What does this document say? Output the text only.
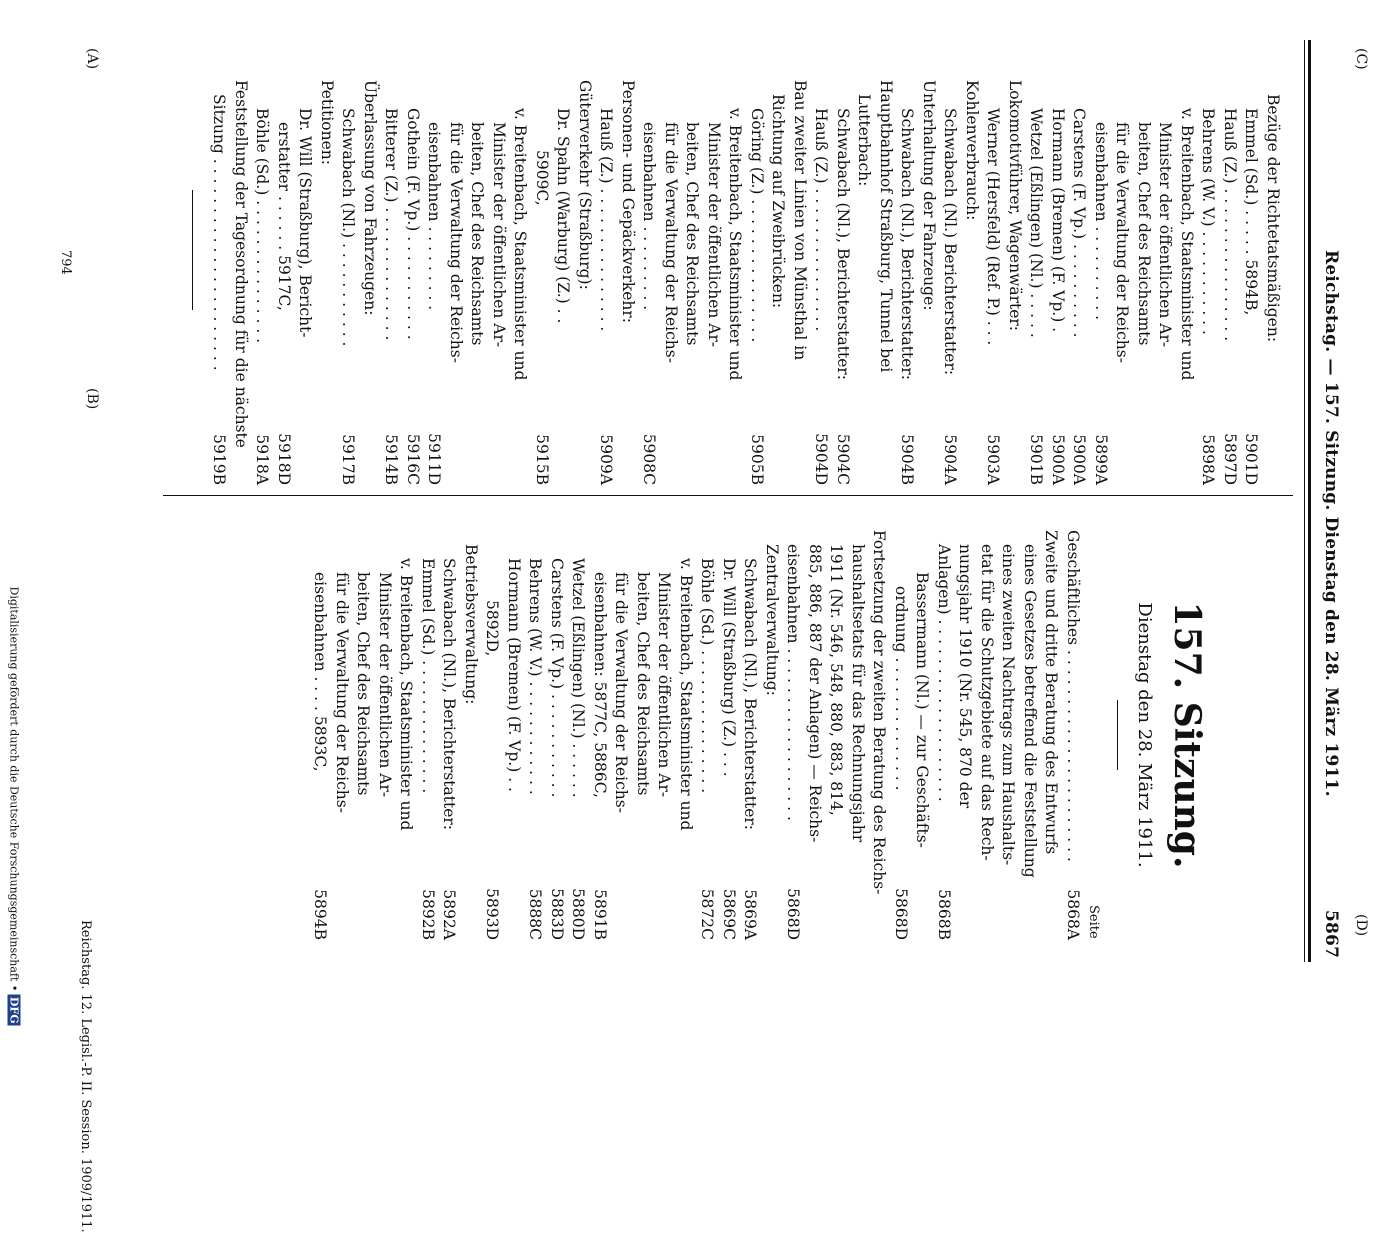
Reichstag. — 157. Sitzung. Dienstag den 28. März 1911.
5867
(A)
(B)
(C)
(D)
Reichstag. 12. Legisl.-P. II. Session. 1909/1911.
Bezüge der Richtetatsmäßigen:
Emmel (Sd.) . . . . . 5894B,
5901D
Hauß (Z.) . . . . . . . . . . . . . . . .
5897D
Behrens (W. V.) . . . . . . . . . . .
5898A
v. Breitenbach, Staatsminister und
Minister der öffentlichen Ar-
beiten, Chef des Reichsamts
für die Verwaltung der Reichs-
eisenbahnen . . . . . . . . . .
5899A
Carstens (F. Vp.) . . . . . . . . . .
5900A
Hormann (Bremen) (F. Vp.) .
5900A
Wetzel (Eßlingen) (Nl.) . . . . .
5901B
Lokomotivführer, Wagenwärter:
Werner (Hersfeld) (Ref. P.) . . .
5903A
Kohlenverbrauch:
Schwabach (Nl.) Berichterstatter:
5904A
Unterhaltung der Fahrzeuge:
Schwabach (Nl.), Berichterstatter:
5904B
Hauptbahnhof Straßburg, Tunnel bei
Lutterbach:
Schwabach (Nl.), Berichterstatter:
5904C
Hauß (Z.) . . . . . . . . . . . . . . .
5904D
Bau zweiter Linien von Münsthal in
Richtung auf Zweibrücken:
Göring (Z.) . . . . . . . . . . . . . . .
5905B
v. Breitenbach, Staatsminister und
Minister der öffentlichen Ar-
beiten, Chef des Reichsamts
für die Verwaltung der Reichs-
eisenbahnen . . . . . . . . .
5908C
Personen- und Gepäckverkehr:
Hauß (Z.) . . . . . . . . . . . . . . .
5909A
Güterverkehr (Straßburg):
Dr. Spahn (Warburg) (Z.) . .
5909C,
5915B
v. Breitenbach, Staatsminister und
Minister der öffentlichen Ar-
beiten, Chef des Reichsamts
für die Verwaltung der Reichs-
eisenbahnen . . . . . . . . .
5911D
Gothein (F. Vp.) . . . . . . . . . . .
5916C
Bitterer (Z.) . . . . . . . . . . . . . .
5914B
Überlassung von Fahrzeugen:
Schwabach (Nl.) . . . . . . . . . . .
5917B
Petitionen:
Dr. Will (Straßburg), Bericht-
erstatter . . . . . . 5917C,
5918D
Böhle (Sd.) . . . . . . . . . . . . . . .
5918A
Feststellung der Tagesordnung für die nächste
Sitzung . . . . . . . . . . . . . . . . . . . . . .
5919B
Geschäftliches . . . . . . . . . . . . . . . . . . . . . .
5868A
Zweite und dritte Beratung des Entwurfs
eines Gesetzes betreffend die Feststellung
eines zweiten Nachtrags zum Haushalts-
etat für die Schutzgebiete auf das Rech-
nungsjahr 1910 (Nr. 545, 870 der
Anlagen) . . . . . . . . . . . . . . . . . . .
5868B
Bassermann (Nl.) — zur Geschäfts-
ordnung . . . . . . . . . . . . . .
5868D
Fortsetzung der zweiten Beratung des Reichs-
haushaltsetats für das Rechnungsjahr
1911 (Nr. 546, 548, 880, 883, 814,
885, 886, 887 der Anlagen) — Reichs-
eisenbahnen . . . . . . . . . . . . . . . . . .
5868D
Zentralverwaltung:
Schwabach (Nl.), Berichterstatter:
5869A
Dr. Will (Straßburg) (Z.) . . .
5869C
Böhle (Sd.) . . . . . . . . . . . . . . .
5872C
v. Breitenbach, Staatsminister und
Minister der öffentlichen Ar-
beiten, Chef des Reichsamts
für die Verwaltung der Reichs-
eisenbahnen: 5877C, 5886C,
5891B
Wetzel (Eßlingen) (Nl.) . . . . . .
5880D
Carstens (F. Vp.) . . . . . . . . . . .
5883D
Behrens (W. V.) . . . . . . . . . . . .
5888C
Hormann (Bremen) (F. Vp.) . .
5892D,
5893D
Betriebsverwaltung:
Schwabach (Nl.), Berichterstatter:
5892A
Emmel (Sd.) . . . . . . . . . . . . . .
5892B
v. Breitenbach, Staatsminister und
Minister der öffentlichen Ar-
beiten, Chef des Reichsamts
für die Verwaltung der Reichs-
eisenbahnen . . . . 5893C,
5894B
157. Sitzung.
Dienstag den 28. März 1911.
Seite
794
Digitalisierung gefördert durch die Deutsche Forschungsgemeinschaft • DFG
